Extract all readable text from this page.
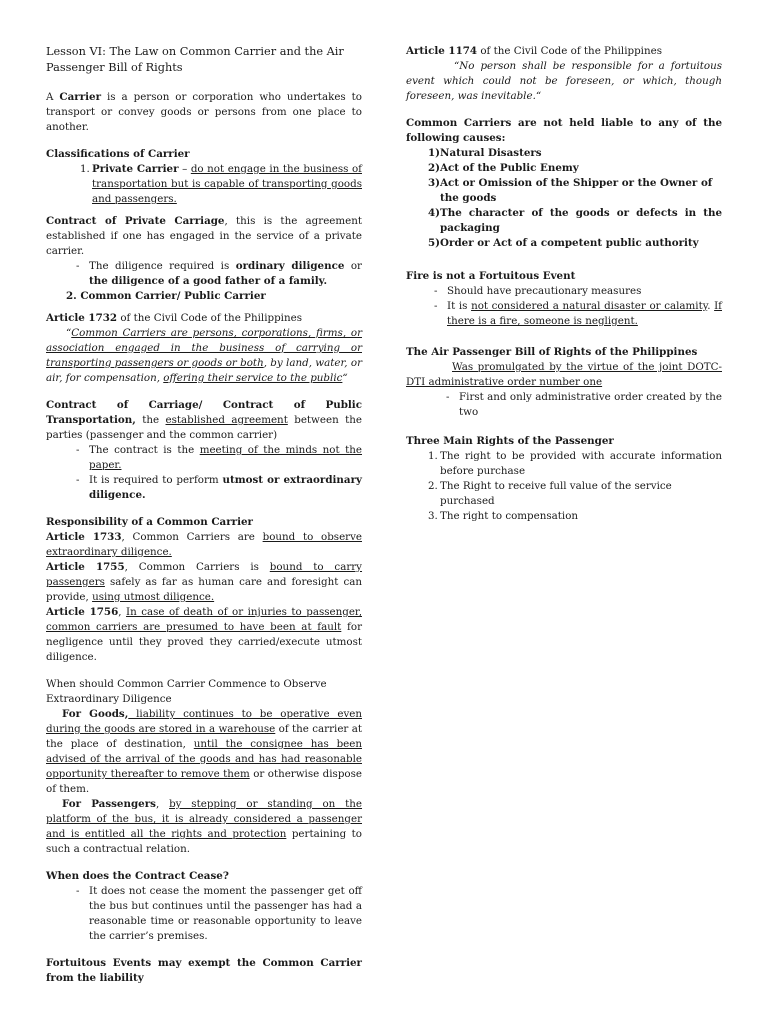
Lesson VI: The Law on Common Carrier and the Air Passenger Bill of Rights

A Carrier is a person or corporation who undertakes to transport or convey goods or persons from one place to another.

Classifications of Carrier

1. Private Carrier – do not engage in the business of transportation but is capable of transporting goods and passengers.

Contract of Private Carriage, this is the agreement established if one has engaged in the service of a private carrier.

- The diligence required is ordinary diligence or the diligence of a good father of a family.

2. Common Carrier/ Public Carrier

Article 1732 of the Civil Code of the Philippines

“Common Carriers are persons, corporations, firms, or association engaged in the business of carrying or transporting passengers or goods or both, by land, water, or air, for compensation, offering their service to the public“

Contract of Carriage/ Contract of Public Transportation, the established agreement between the parties (passenger and the common carrier)

- The contract is the meeting of the minds not the paper.
- It is required to perform utmost or extraordinary diligence.

Responsibility of a Common Carrier

Article 1733, Common Carriers are bound to observe extraordinary diligence.

Article 1755, Common Carriers is bound to carry passengers safely as far as human care and foresight can provide, using utmost diligence.

Article 1756, In case of death of or injuries to passenger, common carriers are presumed to have been at fault for negligence until they proved they carried/execute utmost diligence.

When should Common Carrier Commence to Observe Extraordinary Diligence

For Goods, liability continues to be operative even during the goods are stored in a warehouse of the carrier at the place of destination, until the consignee has been advised of the arrival of the goods and has had reasonable opportunity thereafter to remove them or otherwise dispose of them.

For Passengers, by stepping or standing on the platform of the bus, it is already considered a passenger and is entitled all the rights and protection pertaining to such a contractual relation.

When does the Contract Cease?

- It does not cease the moment the passenger get off the bus but continues until the passenger has had a reasonable time or reasonable opportunity to leave the carrier’s premises.

Fortuitous Events may exempt the Common Carrier from the liability

Article 1174 of the Civil Code of the Philippines

“No person shall be responsible for a fortuitous event which could not be foreseen, or which, though foreseen, was inevitable.“

Common Carriers are not held liable to any of the following causes:

1) Natural Disasters
2) Act of the Public Enemy
3) Act or Omission of the Shipper or the Owner of the goods
4) The character of the goods or defects in the packaging
5) Order or Act of a competent public authority

Fire is not a Fortuitous Event

- Should have precautionary measures
- It is not considered a natural disaster or calamity. If there is a fire, someone is negligent.

The Air Passenger Bill of Rights of the Philippines

Was promulgated by the virtue of the joint DOTC-DTI administrative order number one

- First and only administrative order created by the two

Three Main Rights of the Passenger

1. The right to be provided with accurate information before purchase
2. The Right to receive full value of the service purchased
3. The right to compensation
